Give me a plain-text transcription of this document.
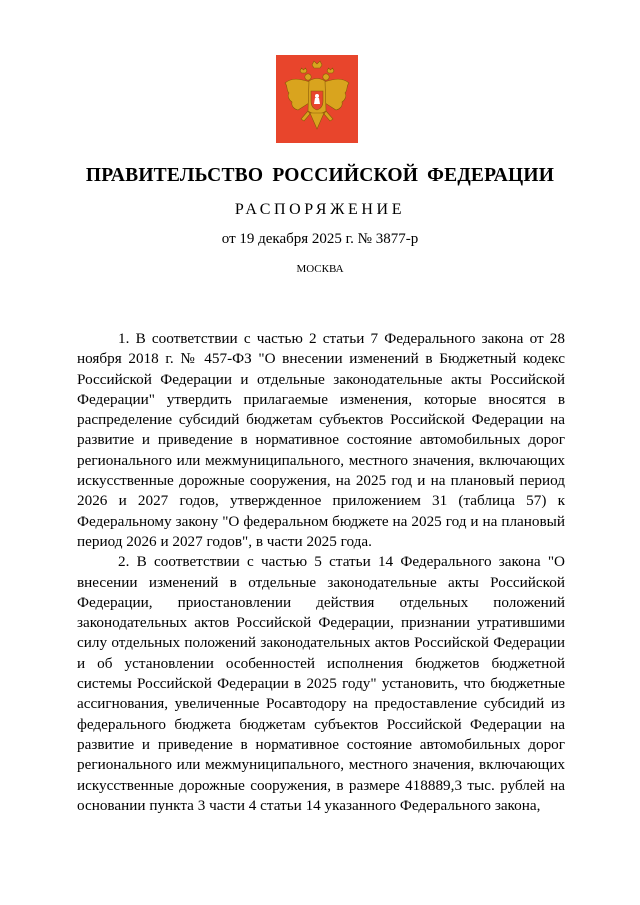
ПРАВИТЕЛЬСТВО РОССИЙСКОЙ ФЕДЕРАЦИИ
РАСПОРЯЖЕНИЕ
от 19 декабря 2025 г. № 3877-р
МОСКВА

1. В соответствии с частью 2 статьи 7 Федерального закона от 28 ноября 2018 г. № 457-ФЗ "О внесении изменений в Бюджетный кодекс Российской Федерации и отдельные законодательные акты Российской Федерации" утвердить прилагаемые изменения, которые вносятся в распределение субсидий бюджетам субъектов Российской Федерации на развитие и приведение в нормативное состояние автомобильных дорог регионального или межмуниципального, местного значения, включающих искусственные дорожные сооружения, на 2025 год и на плановый период 2026 и 2027 годов, утвержденное приложением 31 (таблица 57) к Федеральному закону "О федеральном бюджете на 2025 год и на плановый период 2026 и 2027 годов", в части 2025 года.

2. В соответствии с частью 5 статьи 14 Федерального закона "О внесении изменений в отдельные законодательные акты Российской Федерации, приостановлении действия отдельных положений законодательных актов Российской Федерации, признании утратившими силу отдельных положений законодательных актов Российской Федерации и об установлении особенностей исполнения бюджетов бюджетной системы Российской Федерации в 2025 году" установить, что бюджетные ассигнования, увеличенные Росавтодору на предоставление субсидий из федерального бюджета бюджетам субъектов Российской Федерации на развитие и приведение в нормативное состояние автомобильных дорог регионального или межмуниципального, местного значения, включающих искусственные дорожные сооружения, в размере 418889,3 тыс. рублей на основании пункта 3 части 4 статьи 14 указанного Федерального закона,
